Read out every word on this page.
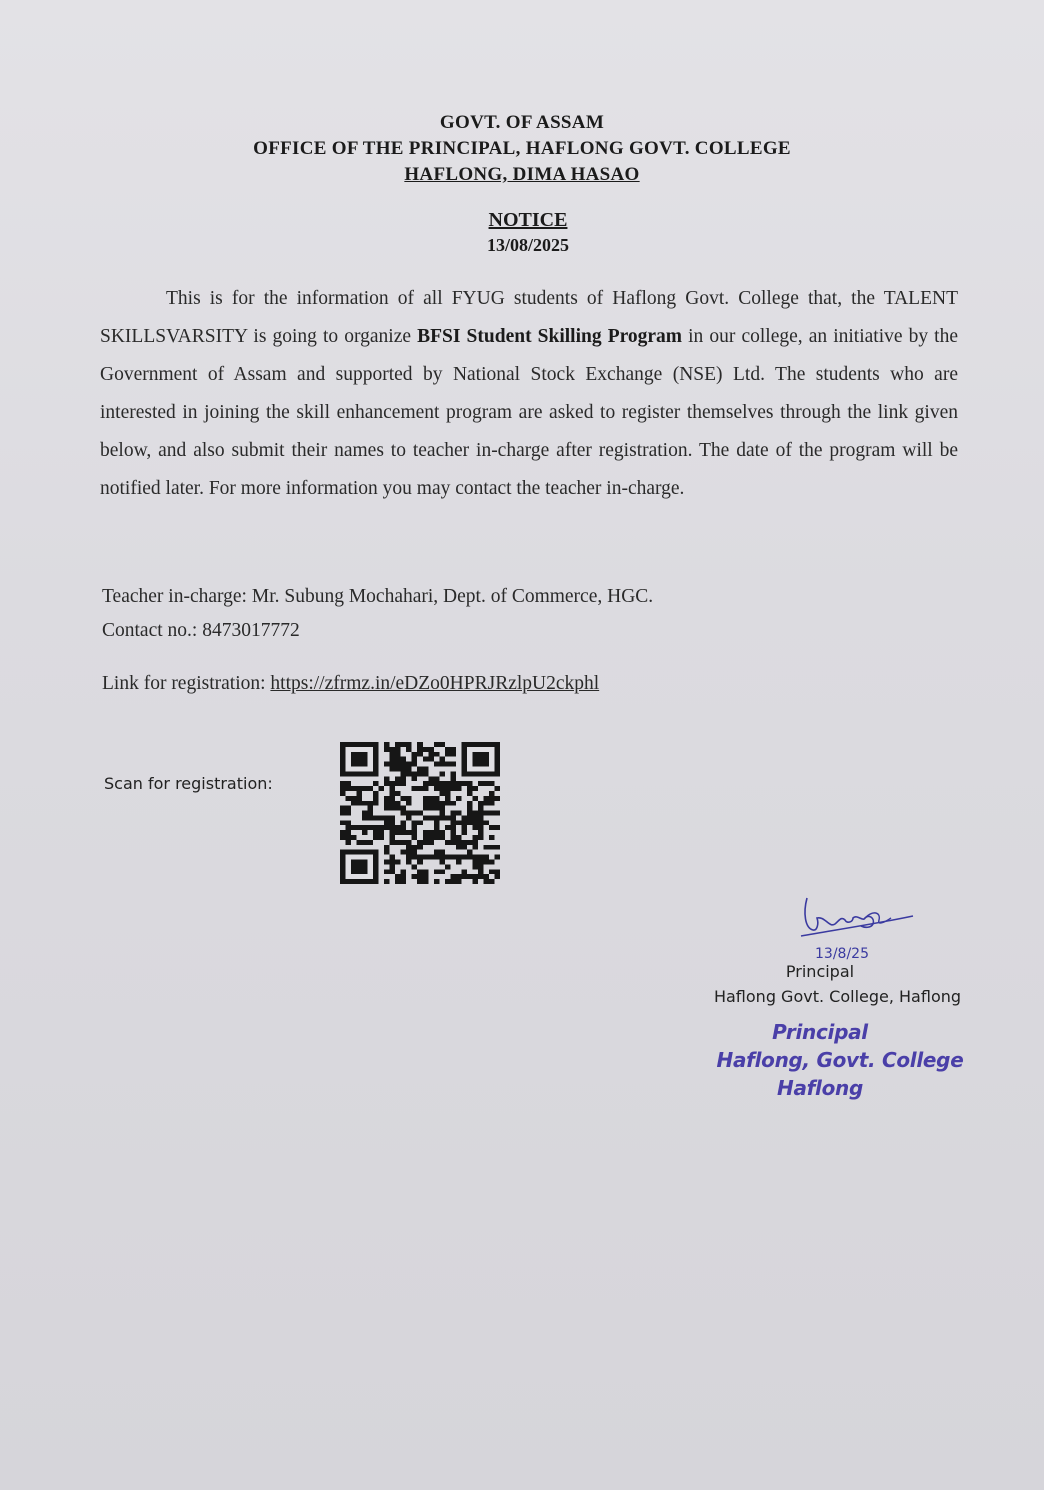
GOVT. OF ASSAM
OFFICE OF THE PRINCIPAL, HAFLONG GOVT. COLLEGE
HAFLONG, DIMA HASAO
NOTICE
13/08/2025
This is for the information of all FYUG students of Haflong Govt. College that, the TALENT SKILLSVARSITY is going to organize BFSI Student Skilling Program in our college, an initiative by the Government of Assam and supported by National Stock Exchange (NSE) Ltd. The students who are interested in joining the skill enhancement program are asked to register themselves through the link given below, and also submit their names to teacher in-charge after registration. The date of the program will be notified later. For more information you may contact the teacher in-charge.
Teacher in-charge: Mr. Subung Mochahari, Dept. of Commerce, HGC.
Contact no.: 8473017772
Link for registration: https://zfrmz.in/eDZo0HPRJRzlpU2ckphl
Scan for registration:
13/8/25
Principal
Haflong Govt. College, Haflong
Principal
Haflong, Govt. College
Haflong
